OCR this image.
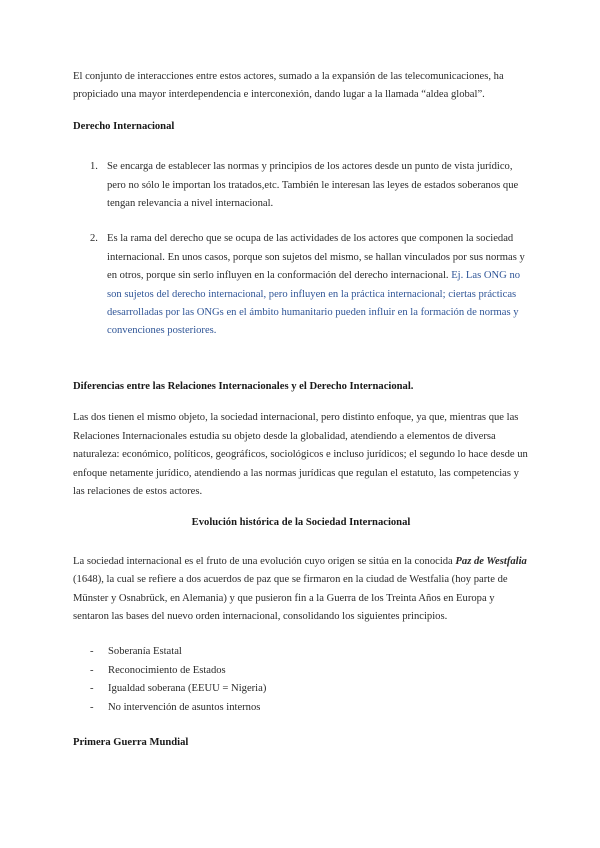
El conjunto de interacciones entre estos actores, sumado a la expansión de las telecomunicaciones, ha propiciado una mayor interdependencia e interconexión, dando lugar a la llamada “aldea global”.

Derecho Internacional

1. Se encarga de establecer las normas y principios de los actores desde un punto de vista jurídico, pero no sólo le importan los tratados,etc. También le interesan las leyes de estados soberanos que tengan relevancia a nivel internacional.
2. Es la rama del derecho que se ocupa de las actividades de los actores que componen la sociedad internacional. En unos casos, porque son sujetos del mismo, se hallan vinculados por sus normas y en otros, porque sin serlo influyen en la conformación del derecho internacional. Ej. Las ONG no son sujetos del derecho internacional, pero influyen en la práctica internacional; ciertas prácticas desarrolladas por las ONGs en el ámbito humanitario pueden influir en la formación de normas y convenciones posteriores.

Diferencias entre las Relaciones Internacionales y el Derecho Internacional.

Las dos tienen el mismo objeto, la sociedad internacional, pero distinto enfoque, ya que, mientras que las Relaciones Internacionales estudia su objeto desde la globalidad, atendiendo a elementos de diversa naturaleza: económico, políticos, geográficos, sociológicos e incluso jurídicos; el segundo lo hace desde un enfoque netamente jurídico, atendiendo a las normas jurídicas que regulan el estatuto, las competencias y las relaciones de estos actores.

Evolución histórica de la Sociedad Internacional

La sociedad internacional es el fruto de una evolución cuyo origen se sitúa en la conocida Paz de Westfalia (1648), la cual se refiere a dos acuerdos de paz que se firmaron en la ciudad de Westfalia (hoy parte de Münster y Osnabrück, en Alemania) y que pusieron fin a la Guerra de los Treinta Años en Europa y sentaron las bases del nuevo orden internacional, consolidando los siguientes principios.

- Soberanía Estatal
- Reconocimiento de Estados
- Igualdad soberana (EEUU = Nigeria)
- No intervención de asuntos internos

Primera Guerra Mundial
